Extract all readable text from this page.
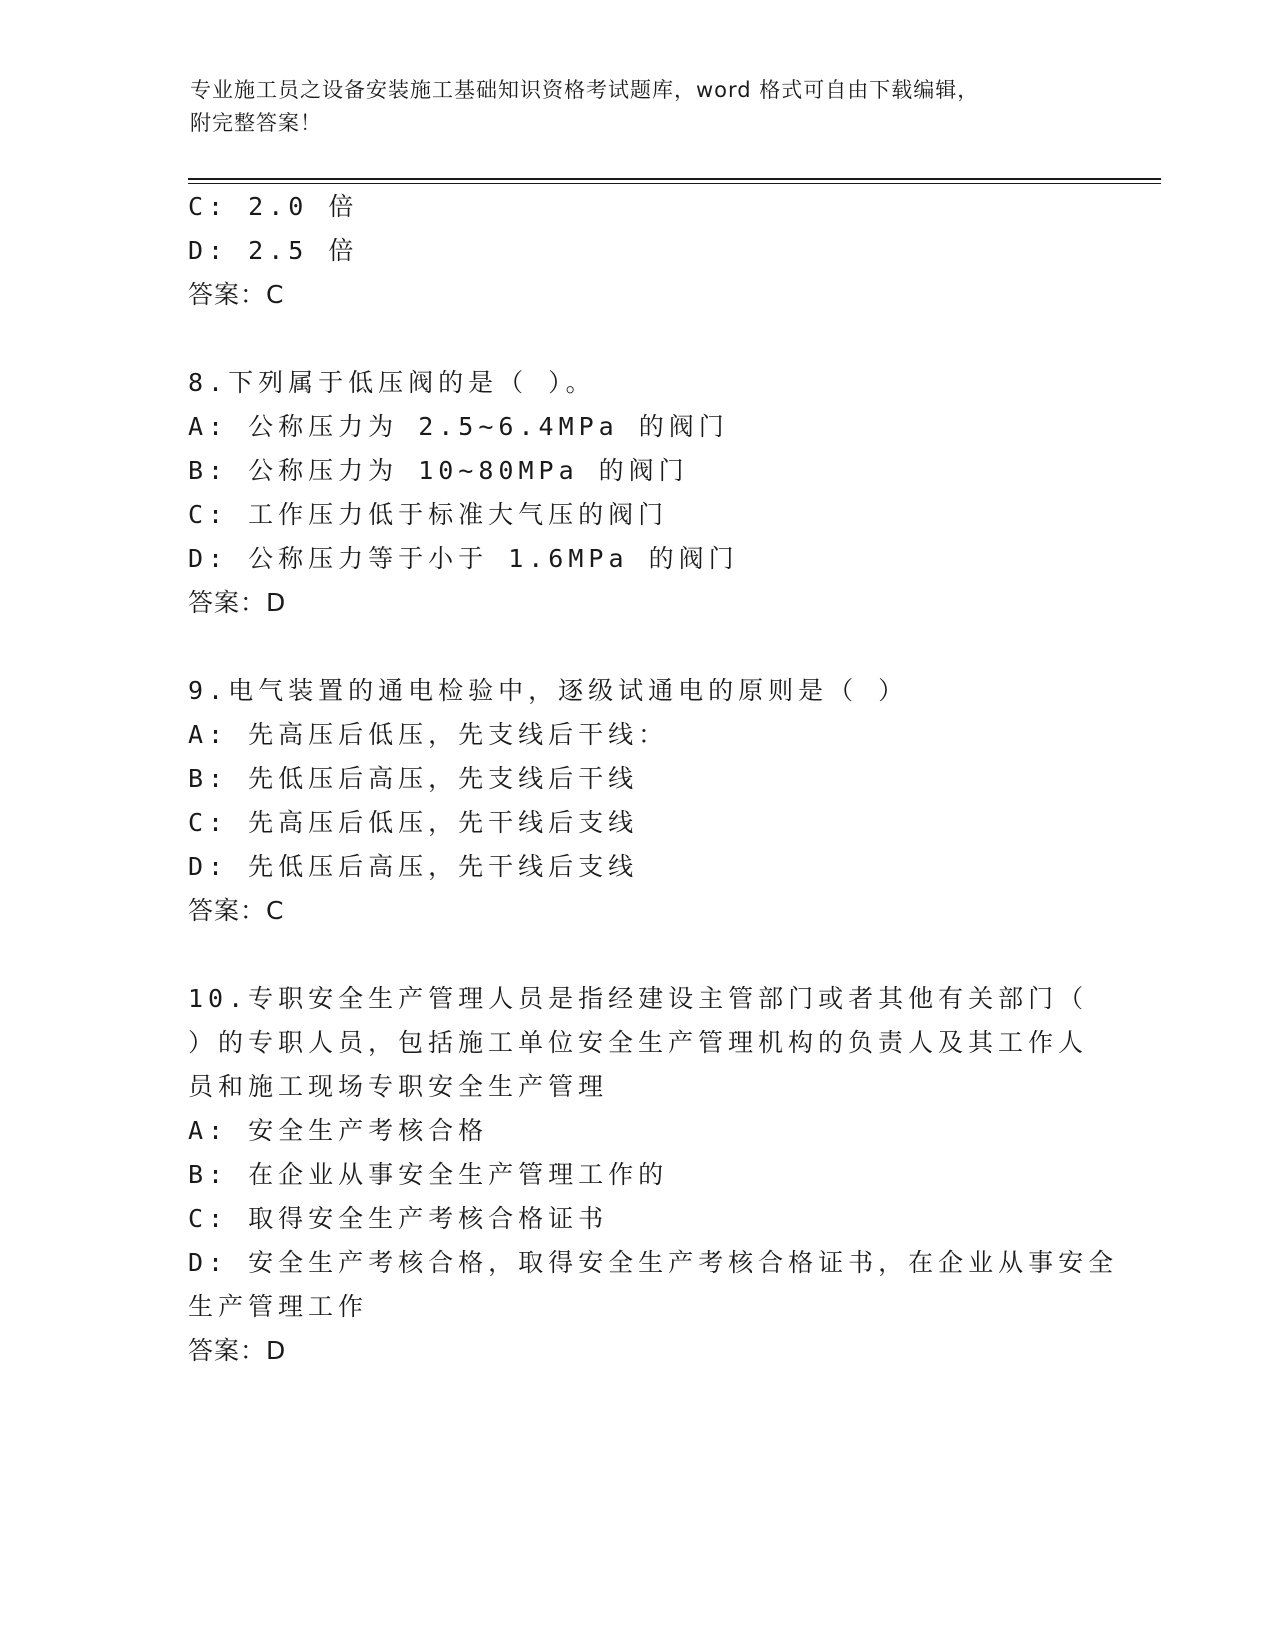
专业施工员之设备安装施工基础知识资格考试题库，word 格式可自由下载编辑，
附完整答案！
C: 2.0 倍
D: 2.5 倍
答案：C
8.下列属于低压阀的是（ ）。
A: 公称压力为 2.5~6.4MPa 的阀门
B: 公称压力为 10~80MPa 的阀门
C: 工作压力低于标准大气压的阀门
D: 公称压力等于小于 1.6MPa 的阀门
答案：D
9.电气装置的通电检验中，逐级试通电的原则是（ ）
A: 先高压后低压，先支线后干线：
B: 先低压后高压，先支线后干线
C: 先高压后低压，先干线后支线
D: 先低压后高压，先干线后支线
答案：C
10.专职安全生产管理人员是指经建设主管部门或者其他有关部门（
）的专职人员，包括施工单位安全生产管理机构的负责人及其工作人
员和施工现场专职安全生产管理
A: 安全生产考核合格
B: 在企业从事安全生产管理工作的
C: 取得安全生产考核合格证书
D: 安全生产考核合格，取得安全生产考核合格证书，在企业从事安全
生产管理工作
答案：D
